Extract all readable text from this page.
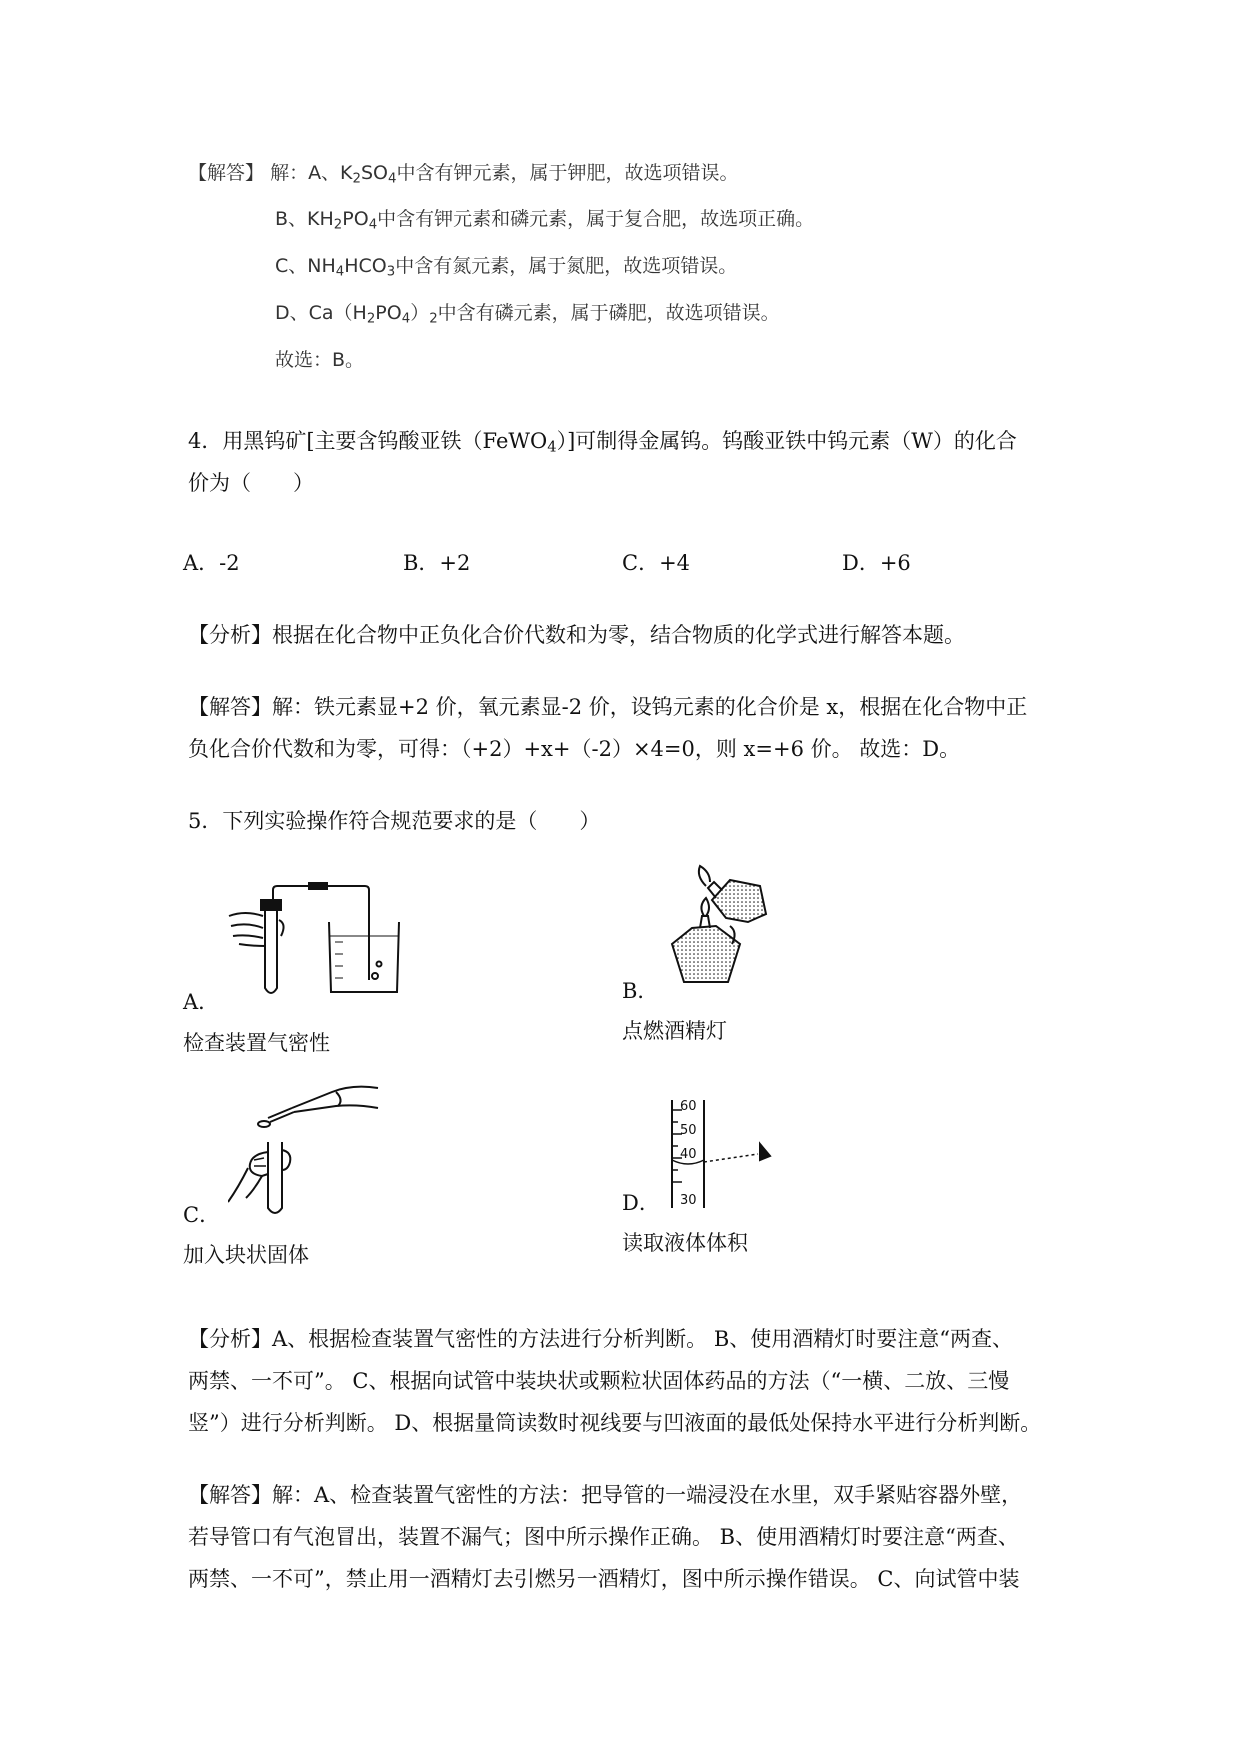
【解答】 解：A、$K_2SO_4$中含有钾元素，属于钾肥，故选项错误。
B、$KH_2PO_4$中含有钾元素和磷元素，属于复合肥，故选项正确。
C、$NH_4HCO_3$中含有氮元素，属于氮肥，故选项错误。
D、$Ca(H_2PO_4)_2$中含有磷元素，属于磷肥，故选项错误。
故选：B。
4．用黑钨矿[主要含钨酸亚铁（FeWO$_4$）]可制得金属钨。钨酸亚铁中钨元素（W）的化合
价为（　　）
A．-2	B．+2	C．+4	D．+6
【分析】根据在化合物中正负化合价代数和为零，结合物质的化学式进行解答本题。
【解答】解：铁元素显+2 价，氧元素显-2 价，设钨元素的化合价是 x，根据在化合物中正
负化合价代数和为零，可得：（+2）+x+（-2）×4=0，则 x=+6 价。 故选：D。
5．下列实验操作符合规范要求的是（　　）
A．
检查装置气密性
B．
点燃酒精灯
C．
加入块状固体
60
50
40
30
D．
读取液体体积
【分析】A、根据检查装置气密性的方法进行分析判断。 B、使用酒精灯时要注意“两查、
两禁、一不可”。 C、根据向试管中装块状或颗粒状固体药品的方法（“一横、二放、三慢
竖”）进行分析判断。 D、根据量筒读数时视线要与凹液面的最低处保持水平进行分析判断。
【解答】解：A、检查装置气密性的方法：把导管的一端浸没在水里，双手紧贴容器外壁，
若导管口有气泡冒出，装置不漏气；图中所示操作正确。 B、使用酒精灯时要注意“两查、
两禁、一不可”，禁止用一酒精灯去引燃另一酒精灯，图中所示操作错误。 C、向试管中装
